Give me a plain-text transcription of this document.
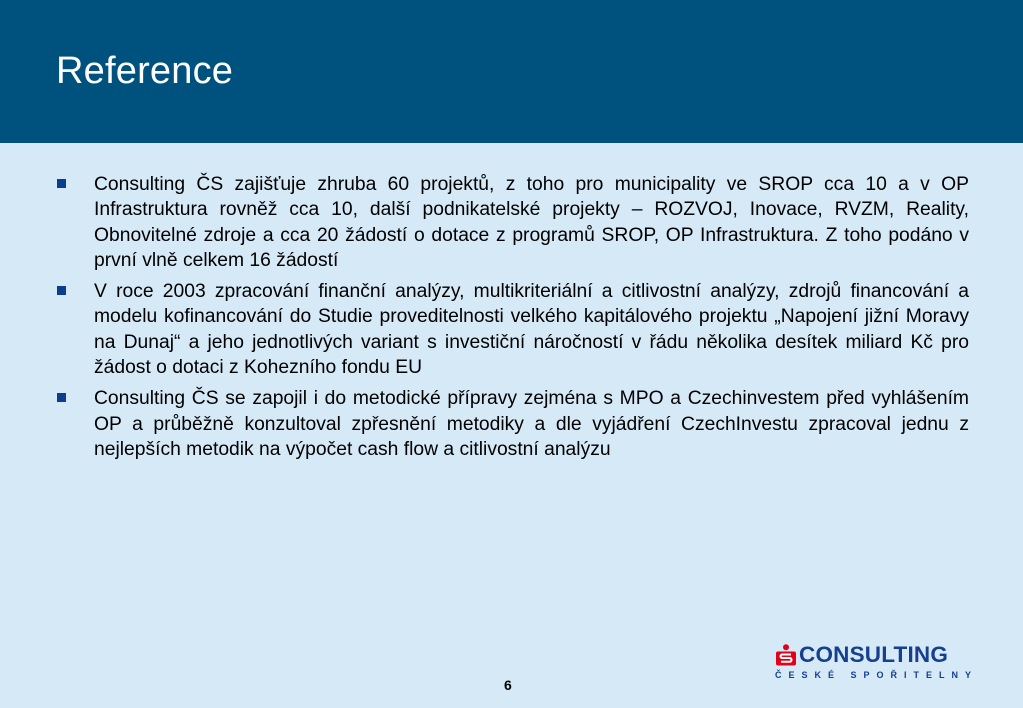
Reference
Consulting ČS zajišťuje zhruba 60 projektů, z toho pro municipality ve SROP cca 10 a v OP Infrastruktura rovněž cca 10, další podnikatelské projekty – ROZVOJ, Inovace, RVZM, Reality, Obnovitelné zdroje a cca 20 žádostí o dotace z programů SROP, OP Infrastruktura. Z toho podáno v první vlně celkem 16 žádostí
V roce 2003 zpracování finanční analýzy, multikriteriální a citlivostní analýzy, zdrojů financování a modelu kofinancování do Studie proveditelnosti velkého kapitálového projektu „Napojení jižní Moravy na Dunaj“ a jeho jednotlivých variant s investiční náročností v řádu několika desítek miliard Kč pro žádost o dotaci z Kohezního fondu EU
Consulting ČS se zapojil i do metodické přípravy zejména s MPO a Czechinvestem před vyhlášením OP a průběžně konzultoval zpřesnění metodiky a dle vyjádření CzechInvestu zpracoval jednu z nejlepších metodik na výpočet cash flow a citlivostní analýzu
CONSULTING
ČESKÉ SPOŘITELNY
6
